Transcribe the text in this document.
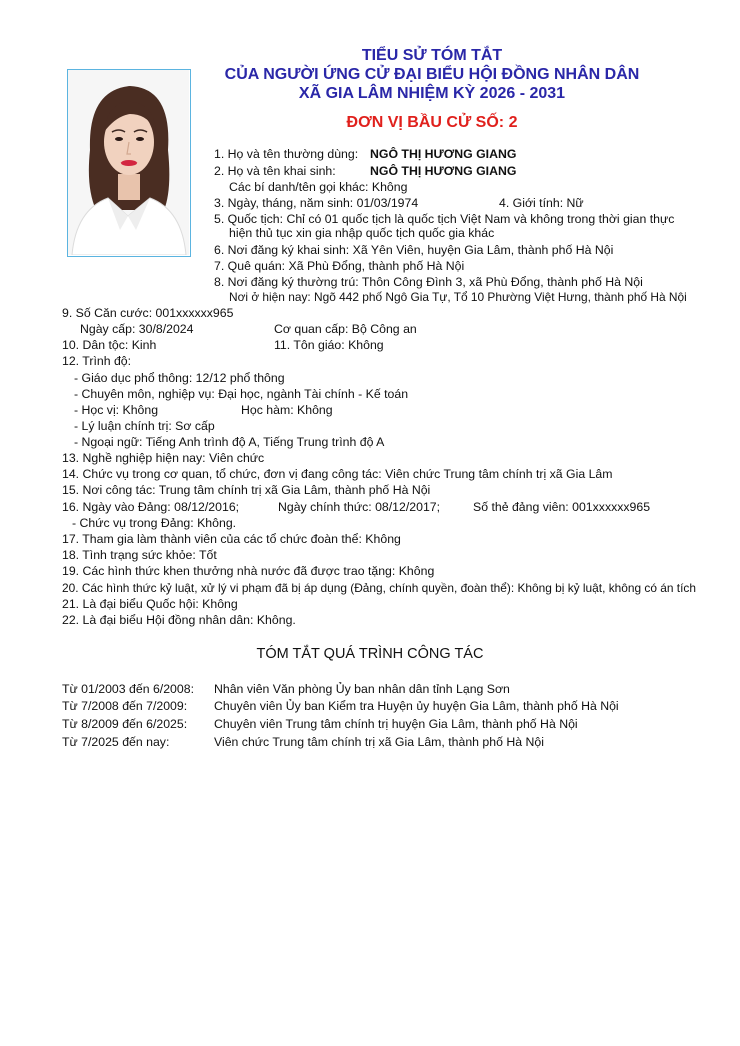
TIỂU SỬ TÓM TẮT
CỦA NGƯỜI ỨNG CỬ ĐẠI BIỂU HỘI ĐỒNG NHÂN DÂN
XÃ GIA LÂM NHIỆM KỲ 2026 - 2031
ĐƠN VỊ BẦU CỬ SỐ: 2
1. Họ và tên thường dùng: NGÔ THỊ HƯƠNG GIANG
2. Họ và tên khai sinh:	NGÔ THỊ HƯƠNG GIANG
Các bí danh/tên gọi khác: Không
3. Ngày, tháng, năm sinh: 01/03/1974	4. Giới tính: Nữ
5. Quốc tịch: Chỉ có 01 quốc tịch là quốc tịch Việt Nam và không trong thời gian thực
hiện thủ tục xin gia nhập quốc tịch quốc gia khác
6. Nơi đăng ký khai sinh: Xã Yên Viên, huyện Gia Lâm, thành phố Hà Nội
7. Quê quán: Xã Phù Đổng, thành phố Hà Nội
8. Nơi đăng ký thường trú: Thôn Công Đình 3, xã Phù Đổng, thành phố Hà Nội
Nơi ở hiện nay: Ngõ 442 phố Ngô Gia Tự, Tổ 10 Phường Việt Hưng, thành phố Hà Nội
9. Số Căn cước: 001xxxxxx965
Ngày cấp: 30/8/2024	Cơ quan cấp: Bộ Công an
10. Dân tộc: Kinh	11. Tôn giáo: Không
12. Trình độ:
- Giáo dục phổ thông: 12/12 phổ thông
- Chuyên môn, nghiệp vụ: Đại học, ngành Tài chính - Kế toán
- Học vị: Không	Học hàm: Không
- Lý luận chính trị: Sơ cấp
- Ngoại ngữ: Tiếng Anh trình độ A, Tiếng Trung trình độ A
13. Nghề nghiệp hiện nay: Viên chức
14. Chức vụ trong cơ quan, tổ chức, đơn vị đang công tác: Viên chức Trung tâm chính trị xã Gia Lâm
15. Nơi công tác: Trung tâm chính trị xã Gia Lâm, thành phố Hà Nội
16. Ngày vào Đảng: 08/12/2016;	Ngày chính thức: 08/12/2017;	Số thẻ đảng viên: 001xxxxxx965
- Chức vụ trong Đảng: Không.
17. Tham gia làm thành viên của các tổ chức đoàn thể: Không
18. Tình trạng sức khỏe: Tốt
19. Các hình thức khen thưởng nhà nước đã được trao tặng: Không
20. Các hình thức kỷ luật, xử lý vi phạm đã bị áp dụng (Đảng, chính quyền, đoàn thể): Không bị kỷ luật, không có án tích
21. Là đại biểu Quốc hội: Không
22. Là đại biểu Hội đồng nhân dân: Không.
TÓM TẮT QUÁ TRÌNH CÔNG TÁC
Từ 01/2003 đến 6/2008: Nhân viên Văn phòng Ủy ban nhân dân tỉnh Lạng Sơn
Từ 7/2008 đến 7/2009: Chuyên viên Ủy ban Kiểm tra Huyện ủy huyện Gia Lâm, thành phố Hà Nội
Từ 8/2009 đến 6/2025: Chuyên viên Trung tâm chính trị huyện Gia Lâm, thành phố Hà Nội
Từ 7/2025 đến nay:	Viên chức Trung tâm chính trị xã Gia Lâm, thành phố Hà Nội
